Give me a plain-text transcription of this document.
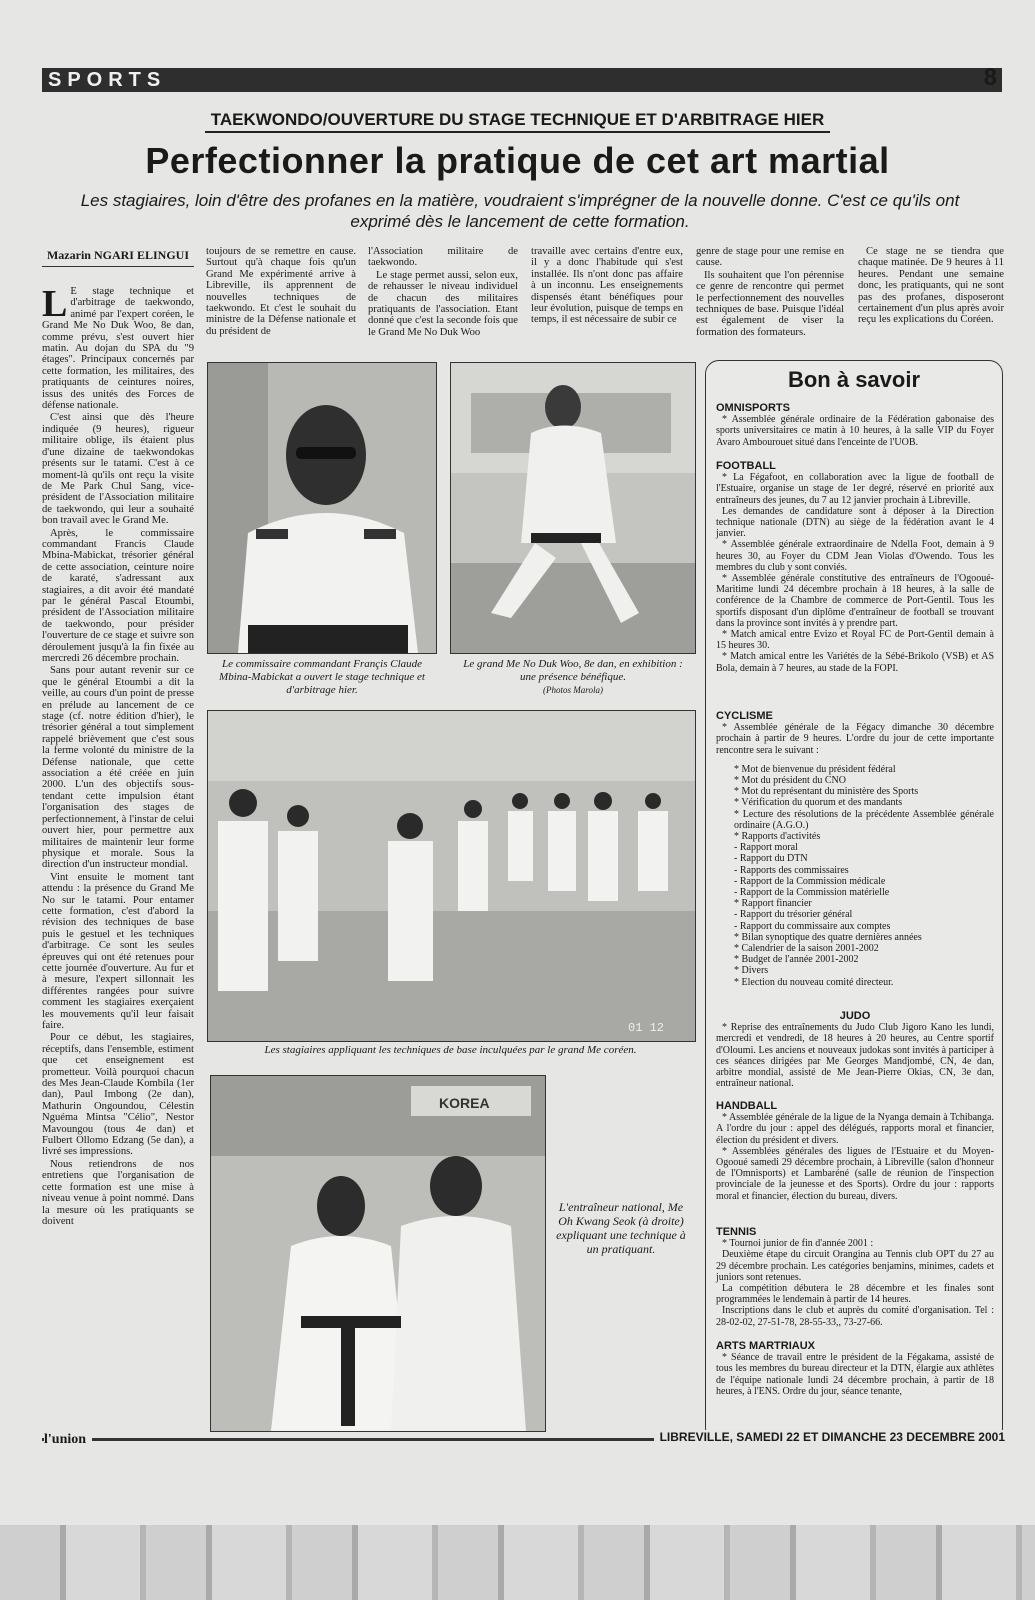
SPORTS	8
TAEKWONDO/OUVERTURE DU STAGE TECHNIQUE ET D'ARBITRAGE HIER
Perfectionner la pratique de cet art martial
Les stagiaires, loin d'être des profanes en la matière, voudraient s'imprégner de la nouvelle donne. C'est ce qu'ils ont exprimé dès le lancement de cette formation.
Mazarin NGARI ELINGUI

L E stage technique et d'arbitrage de taekwondo, animé par l'expert coréen, le Grand Me No Duk Woo, 8e dan, comme prévu, s'est ouvert hier matin. Au dojan du SPA du "9 étages". Principaux concernés par cette formation, les militaires, des pratiquants de ceintures noires, issus des unités des Forces de défense nationale.

C'est ainsi que dès l'heure indiquée (9 heures), rigueur militaire oblige, ils étaient plus d'une dizaine de taekwondokas présents sur le tatami. C'est à ce moment-là qu'ils ont reçu la visite de Me Park Chul Sang, vice-président de l'Association militaire de taekwondo, qui leur a souhaité bon travail avec le Grand Me.

Après, le commissaire commandant Francis Claude Mbina-Mabickat, trésorier général de cette association, ceinture noire de karaté, s'adressant aux stagiaires, a dit avoir été mandaté par le général Pascal Etoumbi, président de l'Association militaire de taekwondo, pour présider l'ouverture de ce stage et suivre son déroulement jusqu'à la fin fixée au mercredi 26 décembre prochain.

Sans pour autant revenir sur ce que le général Etoumbi a dit la veille, au cours d'un point de presse en prélude au lancement de ce stage (cf. notre édition d'hier), le trésorier général a tout simplement rappelé brièvement que c'est sous la ferme volonté du ministre de la Défense nationale, que cette association a été créée en juin 2000. L'un des objectifs sous-tendant cette impulsion étant l'organisation des stages de perfectionnement, à l'instar de celui ouvert hier, pour permettre aux militaires de maintenir leur forme physique et morale. Sous la direction d'un instructeur mondial.

Vint ensuite le moment tant attendu : la présence du Grand Me No sur le tatami. Pour entamer cette formation, c'est d'abord la révision des techniques de base puis le gestuel et les techniques d'arbitrage. Ce sont les seules épreuves qui ont été retenues pour cette journée d'ouverture. Au fur et à mesure, l'expert sillonnait les différentes rangées pour suivre comment les stagiaires exerçaient les mouvements qu'il leur faisait faire.

Pour ce début, les stagiaires, réceptifs, dans l'ensemble, estiment que cet enseignement est prometteur. Voilà pourquoi chacun des Mes Jean-Claude Kombila (1er dan), Paul Imbong (2e dan), Mathurin Ongoundou, Célestin Nguéma Mintsa "Célio", Nestor Mavoungou (tous 4e dan) et Fulbert Ollomo Edzang (5e dan), a livré ses impressions.

Nous retiendrons de nos entretiens que l'organisation de cette formation est une mise à niveau venue à point nommé. Dans la mesure où les pratiquants se doivent

toujours de se remettre en cause. Surtout qu'à chaque fois qu'un Grand Me expérimenté arrive à Libreville, ils apprennent de nouvelles techniques de taekwondo. Et c'est le souhait du ministre de la Défense nationale et du président de

l'Association militaire de taekwondo.

Le stage permet aussi, selon eux, de rehausser le niveau individuel de chacun des militaires pratiquants de l'association. Etant donné que c'est la seconde fois que le Grand Me No Duk Woo

travaille avec certains d'entre eux, il y a donc l'habitude qui s'est installée. Ils n'ont donc pas affaire à un inconnu. Les enseignements dispensés étant bénéfiques pour leur évolution, puisque de temps en temps, il est nécessaire de subir ce

genre de stage pour une remise en cause.

Ils souhaitent que l'on pérennise ce genre de rencontre qui permet le perfectionnement des nouvelles techniques de base. Puisque l'idéal est également de viser la formation des formateurs.

Ce stage ne se tiendra que chaque matinée. De 9 heures à 11 heures. Pendant une semaine donc, les pratiquants, qui ne sont pas des profanes, disposeront certainement d'un plus après avoir reçu les explications du Coréen.

Le commissaire commandant Françis Claude Mbina-Mabickat a ouvert le stage technique et d'arbitrage hier.
Le grand Me No Duk Woo, 8e dan, en exhibition : une présence bénéfique.
(Photos Marola)
01 12
Les stagiaires appliquant les techniques de base inculquées par le grand Me coréen.
KOREA
L'entraîneur national, Me Oh Kwang Seok (à droite) expliquant une technique à un pratiquant.
Bon à savoir
OMNISPORTS

* Assemblée générale ordinaire de la Fédération gabonaise des sports universitaires ce matin à 10 heures, à la salle VIP du Foyer Avaro Ambourouet situé dans l'enceinte de l'UOB.

FOOTBALL

* La Fégafoot, en collaboration avec la ligue de football de l'Estuaire, organise un stage de 1er degré, réservé en priorité aux entraîneurs des jeunes, du 7 au 12 janvier prochain à Libreville.

Les demandes de candidature sont à déposer à la Direction technique nationale (DTN) au siège de la fédération avant le 4 janvier.

* Assemblée générale extraordinaire de Ndella Foot, demain à 9 heures 30, au Foyer du CDM Jean Violas d'Owendo. Tous les membres du club y sont conviés.

* Assemblée générale constitutive des entraîneurs de l'Ogooué-Maritime lundi 24 décembre prochain à 18 heures, à la salle de conférence de la Chambre de commerce de Port-Gentil. Tous les sportifs disposant d'un diplôme d'entraîneur de football se trouvant dans la province sont invités à y prendre part.

* Match amical entre Evizo et Royal FC de Port-Gentil demain à 15 heures 30.

* Match amical entre les Variétés de la Sébé-Brikolo (VSB) et AS Bola, demain à 7 heures, au stade de la FOPI.

CYCLISME

* Assemblée générale de la Fégacy dimanche 30 décembre prochain à partir de 9 heures. L'ordre du jour de cette importante rencontre sera le suivant :

* Mot de bienvenue du président fédéral
* Mot du président du CNO
* Mot du représentant du ministère des Sports
* Vérification du quorum et des mandants
* Lecture des résolutions de la précédente Assemblée générale ordinaire (A.G.O.)
* Rapports d'activités
- Rapport moral
- Rapport du DTN
- Rapports des commissaires
- Rapport de la Commission médicale
- Rapport de la Commission matérielle
* Rapport financier
- Rapport du trésorier général
- Rapport du commissaire aux comptes
* Bilan synoptique des quatre dernières années
* Calendrier de la saison 2001-2002
* Budget de l'année 2001-2002
* Divers
* Election du nouveau comité directeur.
JUDO

* Reprise des entraînements du Judo Club Jigoro Kano les lundi, mercredi et vendredi, de 18 heures à 20 heures, au Centre sportif d'Oloumi. Les anciens et nouveaux judokas sont invités à participer à ces séances dirigées par Me Georges Mandjombé, CN, 4e dan, arbitre mondial, assisté de Me Jean-Pierre Okias, CN, 3e dan, entraîneur national.

HANDBALL

* Assemblée générale de la ligue de la Nyanga demain à Tchibanga. A l'ordre du jour : appel des délégués, rapports moral et financier, élection du président et divers.

* Assemblées générales des ligues de l'Estuaire et du Moyen-Ogooué samedi 29 décembre prochain, à Libreville (salon d'honneur de l'Omnisports) et Lambaréné (salle de réunion de l'inspection provinciale de la jeunesse et des Sports). Ordre du jour : rapports moral et financier, élection du bureau, divers.

TENNIS

* Tournoi junior de fin d'année 2001 :

Deuxième étape du circuit Orangina au Tennis club OPT du 27 au 29 décembre prochain. Les catégories benjamins, minimes, cadets et juniors sont retenues.

La compétition débutera le 28 décembre et les finales sont programmées le lendemain à partir de 14 heures.

Inscriptions dans le club et auprès du comité d'organisation. Tel : 28-02-02, 27-51-78, 28-55-33,, 73-27-66.

ARTS MARTRIAUX

* Séance de travail entre le président de la Fégakama, assisté de tous les membres du bureau directeur et la DTN, élargie aux athlètes de l'équipe nationale lundi 24 décembre prochain, à partir de 18 heures, à l'ENS. Ordre du jour, séance tenante,

l'union	LIBREVILLE, SAMEDI 22 ET DIMANCHE 23 DECEMBRE 2001
